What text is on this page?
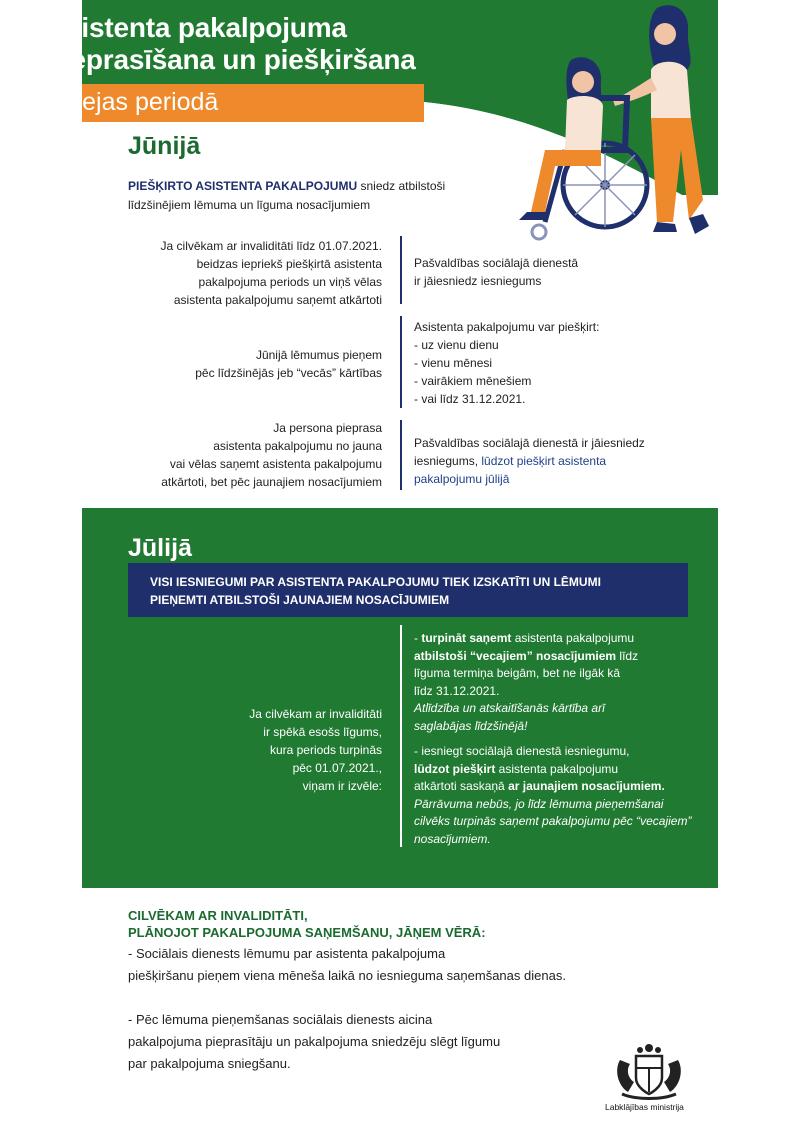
Asistenta pakalpojuma
pieprasīšana un piešķiršana
pārejas periodā
Jūnijā
PIEŠĶIRTO ASISTENTA PAKALPOJUMU sniedz atbilstoši
līdzšinējiem lēmuma un līguma nosacījumiem
Ja cilvēkam ar invaliditāti līdz 01.07.2021.
beidzas iepriekš piešķirtā asistenta
pakalpojuma periods un viņš vēlas
asistenta pakalpojumu saņemt atkārtoti
Pašvaldības sociālajā dienestā
ir jāiesniedz iesniegums
Jūnijā lēmumus pieņem
pēc līdzšinējās jeb “vecās” kārtības
Asistenta pakalpojumu var piešķirt:
- uz vienu dienu
- vienu mēnesi
- vairākiem mēnešiem
- vai līdz 31.12.2021.
Ja persona pieprasa
asistenta pakalpojumu no jauna
vai vēlas saņemt asistenta pakalpojumu
atkārtoti, bet pēc jaunajiem nosacījumiem
Pašvaldības sociālajā dienestā ir jāiesniedz
iesniegums, lūdzot piešķirt asistenta
pakalpojumu jūlijā
Jūlijā
VISI IESNIEGUMI PAR ASISTENTA PAKALPOJUMU TIEK IZSKATĪTI UN LĒMUMI
PIEŅEMTI ATBILSTOŠI JAUNAJIEM NOSACĪJUMIEM
Ja cilvēkam ar invaliditāti
ir spēkā esošs līgums,
kura periods turpinās
pēc 01.07.2021.,
viņam ir izvēle:
- turpināt saņemt asistenta pakalpojumu
atbilstoši “vecajiem” nosacījumiem līdz
līguma termiņa beigām, bet ne ilgāk kā
līdz 31.12.2021.
Atlīdzība un atskaitīšanās kārtība arī
saglabājas līdzšinējā!
- iesniegt sociālajā dienestā iesniegumu,
lūdzot piešķirt asistenta pakalpojumu
atkārtoti saskaņā ar jaunajiem nosacījumiem.
Pārrāvuma nebūs, jo līdz lēmuma pieņemšanai
cilvēks turpinās saņemt pakalpojumu pēc “vecajiem”
nosacījumiem.
CILVĒKAM AR INVALIDITĀTI,
PLĀNOJOT PAKALPOJUMA SAŅEMŠANU, JĀŅEM VĒRĀ:
- Sociālais dienests lēmumu par asistenta pakalpojuma
piešķiršanu pieņem viena mēneša laikā no iesnieguma saņemšanas dienas.
- Pēc lēmuma pieņemšanas sociālais dienests aicina
pakalpojuma pieprasītāju un pakalpojuma sniedzēju slēgt līgumu
par pakalpojuma sniegšanu.
Labklājības ministrija
